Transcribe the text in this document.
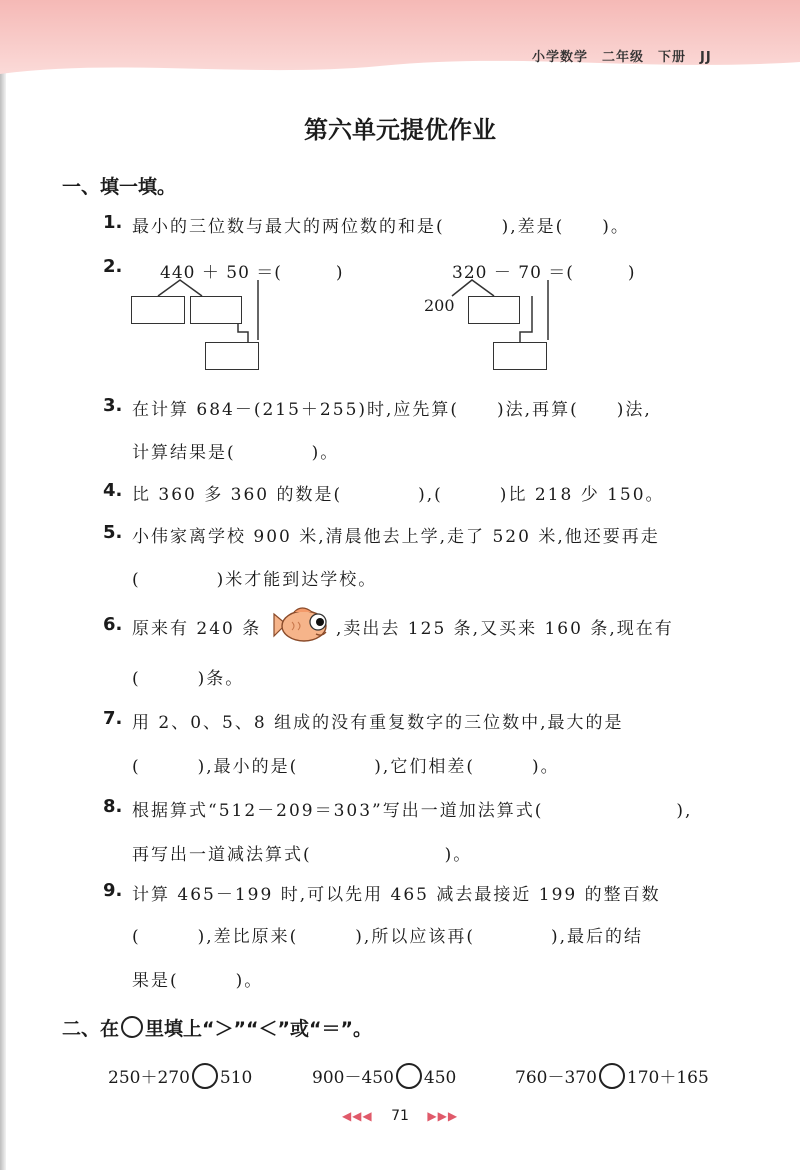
小学数学　二年级　下册　JJ
第六单元提优作业
一、填一填。
1. 最小的三位数与最大的两位数的和是(　　　),差是(　　)。
2. 440 ＋ 50 ＝(　　　)	320 － 70 ＝(　　　)
200
3. 在计算 684－(215＋255)时,应先算(　　)法,再算(　　)法,
计算结果是(　　　　)。
4. 比 360 多 360 的数是(　　　　),(　　　)比 218 少 150。
5. 小伟家离学校 900 米,清晨他去上学,走了 520 米,他还要再走
(　　　　)米才能到达学校。
6. 原来有 240 条	,卖出去 125 条,又买来 160 条,现在有
(　　　)条。
7. 用 2、0、5、8 组成的没有重复数字的三位数中,最大的是
(　　　),最小的是(　　　　),它们相差(　　　)。
8. 根据算式“512－209＝303”写出一道加法算式(　　　　　　　),
再写出一道减法算式(　　　　　　　)。
9. 计算 465－199 时,可以先用 465 减去最接近 199 的整百数
(　　　),差比原来(　　　),所以应该再(　　　　),最后的结
果是(　　　)。
二、在 里填上“＞”“＜”或“＝”。
250＋270 510	900－450 450	760－370 170＋165
◀◀◀ 71 ▶▶▶
